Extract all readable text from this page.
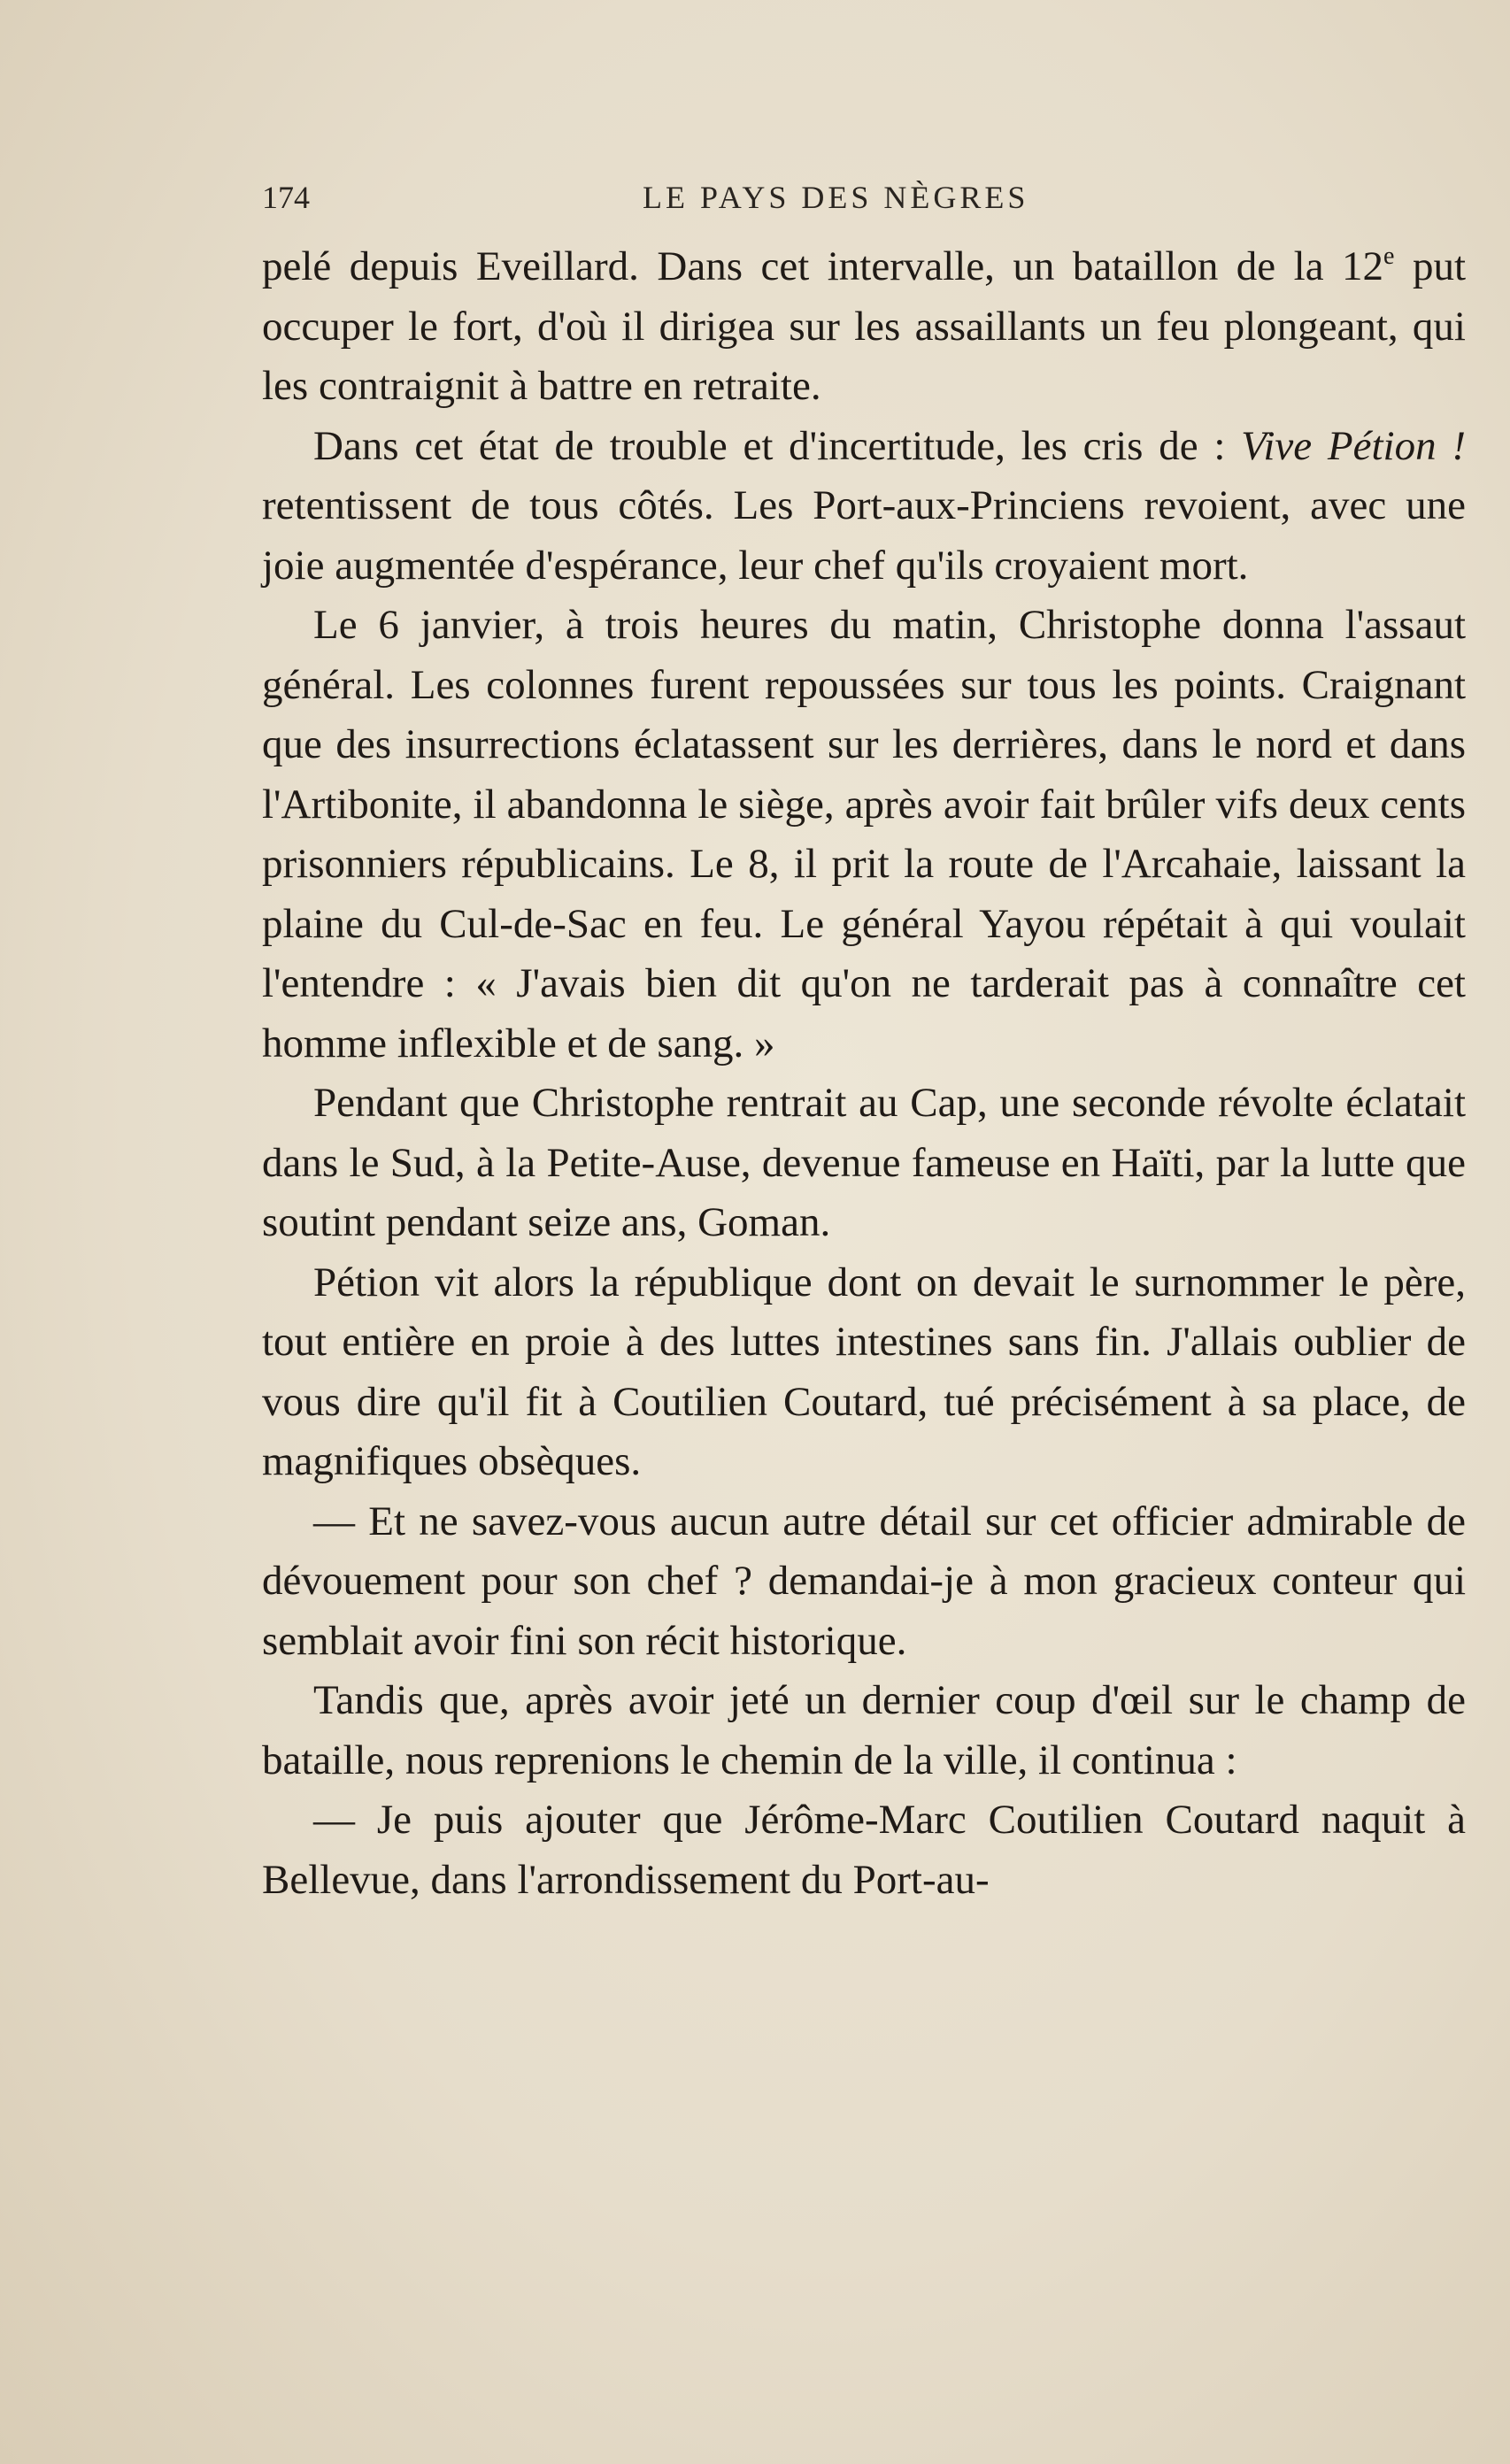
174	LE PAYS DES NÈGRES

pelé depuis Eveillard. Dans cet intervalle, un bataillon de la 12e put occuper le fort, d'où il dirigea sur les assaillants un feu plongeant, qui les contraignit à battre en retraite.

Dans cet état de trouble et d'incertitude, les cris de : Vive Pétion ! retentissent de tous côtés. Les Port-aux-Princiens revoient, avec une joie augmentée d'espérance, leur chef qu'ils croyaient mort.

Le 6 janvier, à trois heures du matin, Christophe donna l'assaut général. Les colonnes furent repoussées sur tous les points. Craignant que des insurrections éclatassent sur les derrières, dans le nord et dans l'Artibonite, il abandonna le siège, après avoir fait brûler vifs deux cents prisonniers républicains. Le 8, il prit la route de l'Arcahaie, laissant la plaine du Cul-de-Sac en feu. Le général Yayou répétait à qui voulait l'entendre : « J'avais bien dit qu'on ne tarderait pas à connaître cet homme inflexible et de sang. »

Pendant que Christophe rentrait au Cap, une seconde révolte éclatait dans le Sud, à la Petite-Ause, devenue fameuse en Haïti, par la lutte que soutint pendant seize ans, Goman.

Pétion vit alors la république dont on devait le surnommer le père, tout entière en proie à des luttes intestines sans fin. J'allais oublier de vous dire qu'il fit à Coutilien Coutard, tué précisément à sa place, de magnifiques obsèques.

— Et ne savez-vous aucun autre détail sur cet officier admirable de dévouement pour son chef ? demandai-je à mon gracieux conteur qui semblait avoir fini son récit historique.

Tandis que, après avoir jeté un dernier coup d'œil sur le champ de bataille, nous reprenions le chemin de la ville, il continua :

— Je puis ajouter que Jérôme-Marc Coutilien Coutard naquit à Bellevue, dans l'arrondissement du Port-au-
